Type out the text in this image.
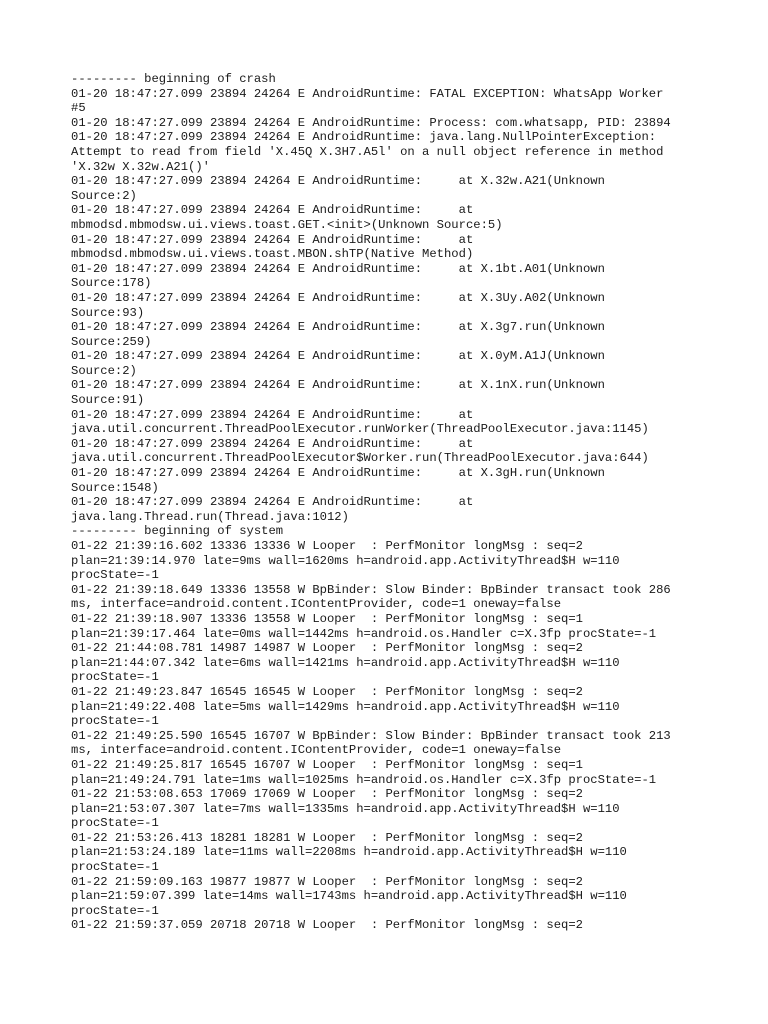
--------- beginning of crash
01-20 18:47:27.099 23894 24264 E AndroidRuntime: FATAL EXCEPTION: WhatsApp Worker
#5
01-20 18:47:27.099 23894 24264 E AndroidRuntime: Process: com.whatsapp, PID: 23894
01-20 18:47:27.099 23894 24264 E AndroidRuntime: java.lang.NullPointerException:
Attempt to read from field 'X.45Q X.3H7.A5l' on a null object reference in method
'X.32w X.32w.A21()'
01-20 18:47:27.099 23894 24264 E AndroidRuntime:     at X.32w.A21(Unknown
Source:2)
01-20 18:47:27.099 23894 24264 E AndroidRuntime:     at
mbmodsd.mbmodsw.ui.views.toast.GET.<init>(Unknown Source:5)
01-20 18:47:27.099 23894 24264 E AndroidRuntime:     at
mbmodsd.mbmodsw.ui.views.toast.MBON.shTP(Native Method)
01-20 18:47:27.099 23894 24264 E AndroidRuntime:     at X.1bt.A01(Unknown
Source:178)
01-20 18:47:27.099 23894 24264 E AndroidRuntime:     at X.3Uy.A02(Unknown
Source:93)
01-20 18:47:27.099 23894 24264 E AndroidRuntime:     at X.3g7.run(Unknown
Source:259)
01-20 18:47:27.099 23894 24264 E AndroidRuntime:     at X.0yM.A1J(Unknown
Source:2)
01-20 18:47:27.099 23894 24264 E AndroidRuntime:     at X.1nX.run(Unknown
Source:91)
01-20 18:47:27.099 23894 24264 E AndroidRuntime:     at
java.util.concurrent.ThreadPoolExecutor.runWorker(ThreadPoolExecutor.java:1145)
01-20 18:47:27.099 23894 24264 E AndroidRuntime:     at
java.util.concurrent.ThreadPoolExecutor$Worker.run(ThreadPoolExecutor.java:644)
01-20 18:47:27.099 23894 24264 E AndroidRuntime:     at X.3gH.run(Unknown
Source:1548)
01-20 18:47:27.099 23894 24264 E AndroidRuntime:     at
java.lang.Thread.run(Thread.java:1012)
--------- beginning of system
01-22 21:39:16.602 13336 13336 W Looper  : PerfMonitor longMsg : seq=2
plan=21:39:14.970 late=9ms wall=1620ms h=android.app.ActivityThread$H w=110
procState=-1
01-22 21:39:18.649 13336 13558 W BpBinder: Slow Binder: BpBinder transact took 286
ms, interface=android.content.IContentProvider, code=1 oneway=false
01-22 21:39:18.907 13336 13558 W Looper  : PerfMonitor longMsg : seq=1
plan=21:39:17.464 late=0ms wall=1442ms h=android.os.Handler c=X.3fp procState=-1
01-22 21:44:08.781 14987 14987 W Looper  : PerfMonitor longMsg : seq=2
plan=21:44:07.342 late=6ms wall=1421ms h=android.app.ActivityThread$H w=110
procState=-1
01-22 21:49:23.847 16545 16545 W Looper  : PerfMonitor longMsg : seq=2
plan=21:49:22.408 late=5ms wall=1429ms h=android.app.ActivityThread$H w=110
procState=-1
01-22 21:49:25.590 16545 16707 W BpBinder: Slow Binder: BpBinder transact took 213
ms, interface=android.content.IContentProvider, code=1 oneway=false
01-22 21:49:25.817 16545 16707 W Looper  : PerfMonitor longMsg : seq=1
plan=21:49:24.791 late=1ms wall=1025ms h=android.os.Handler c=X.3fp procState=-1
01-22 21:53:08.653 17069 17069 W Looper  : PerfMonitor longMsg : seq=2
plan=21:53:07.307 late=7ms wall=1335ms h=android.app.ActivityThread$H w=110
procState=-1
01-22 21:53:26.413 18281 18281 W Looper  : PerfMonitor longMsg : seq=2
plan=21:53:24.189 late=11ms wall=2208ms h=android.app.ActivityThread$H w=110
procState=-1
01-22 21:59:09.163 19877 19877 W Looper  : PerfMonitor longMsg : seq=2
plan=21:59:07.399 late=14ms wall=1743ms h=android.app.ActivityThread$H w=110
procState=-1
01-22 21:59:37.059 20718 20718 W Looper  : PerfMonitor longMsg : seq=2
